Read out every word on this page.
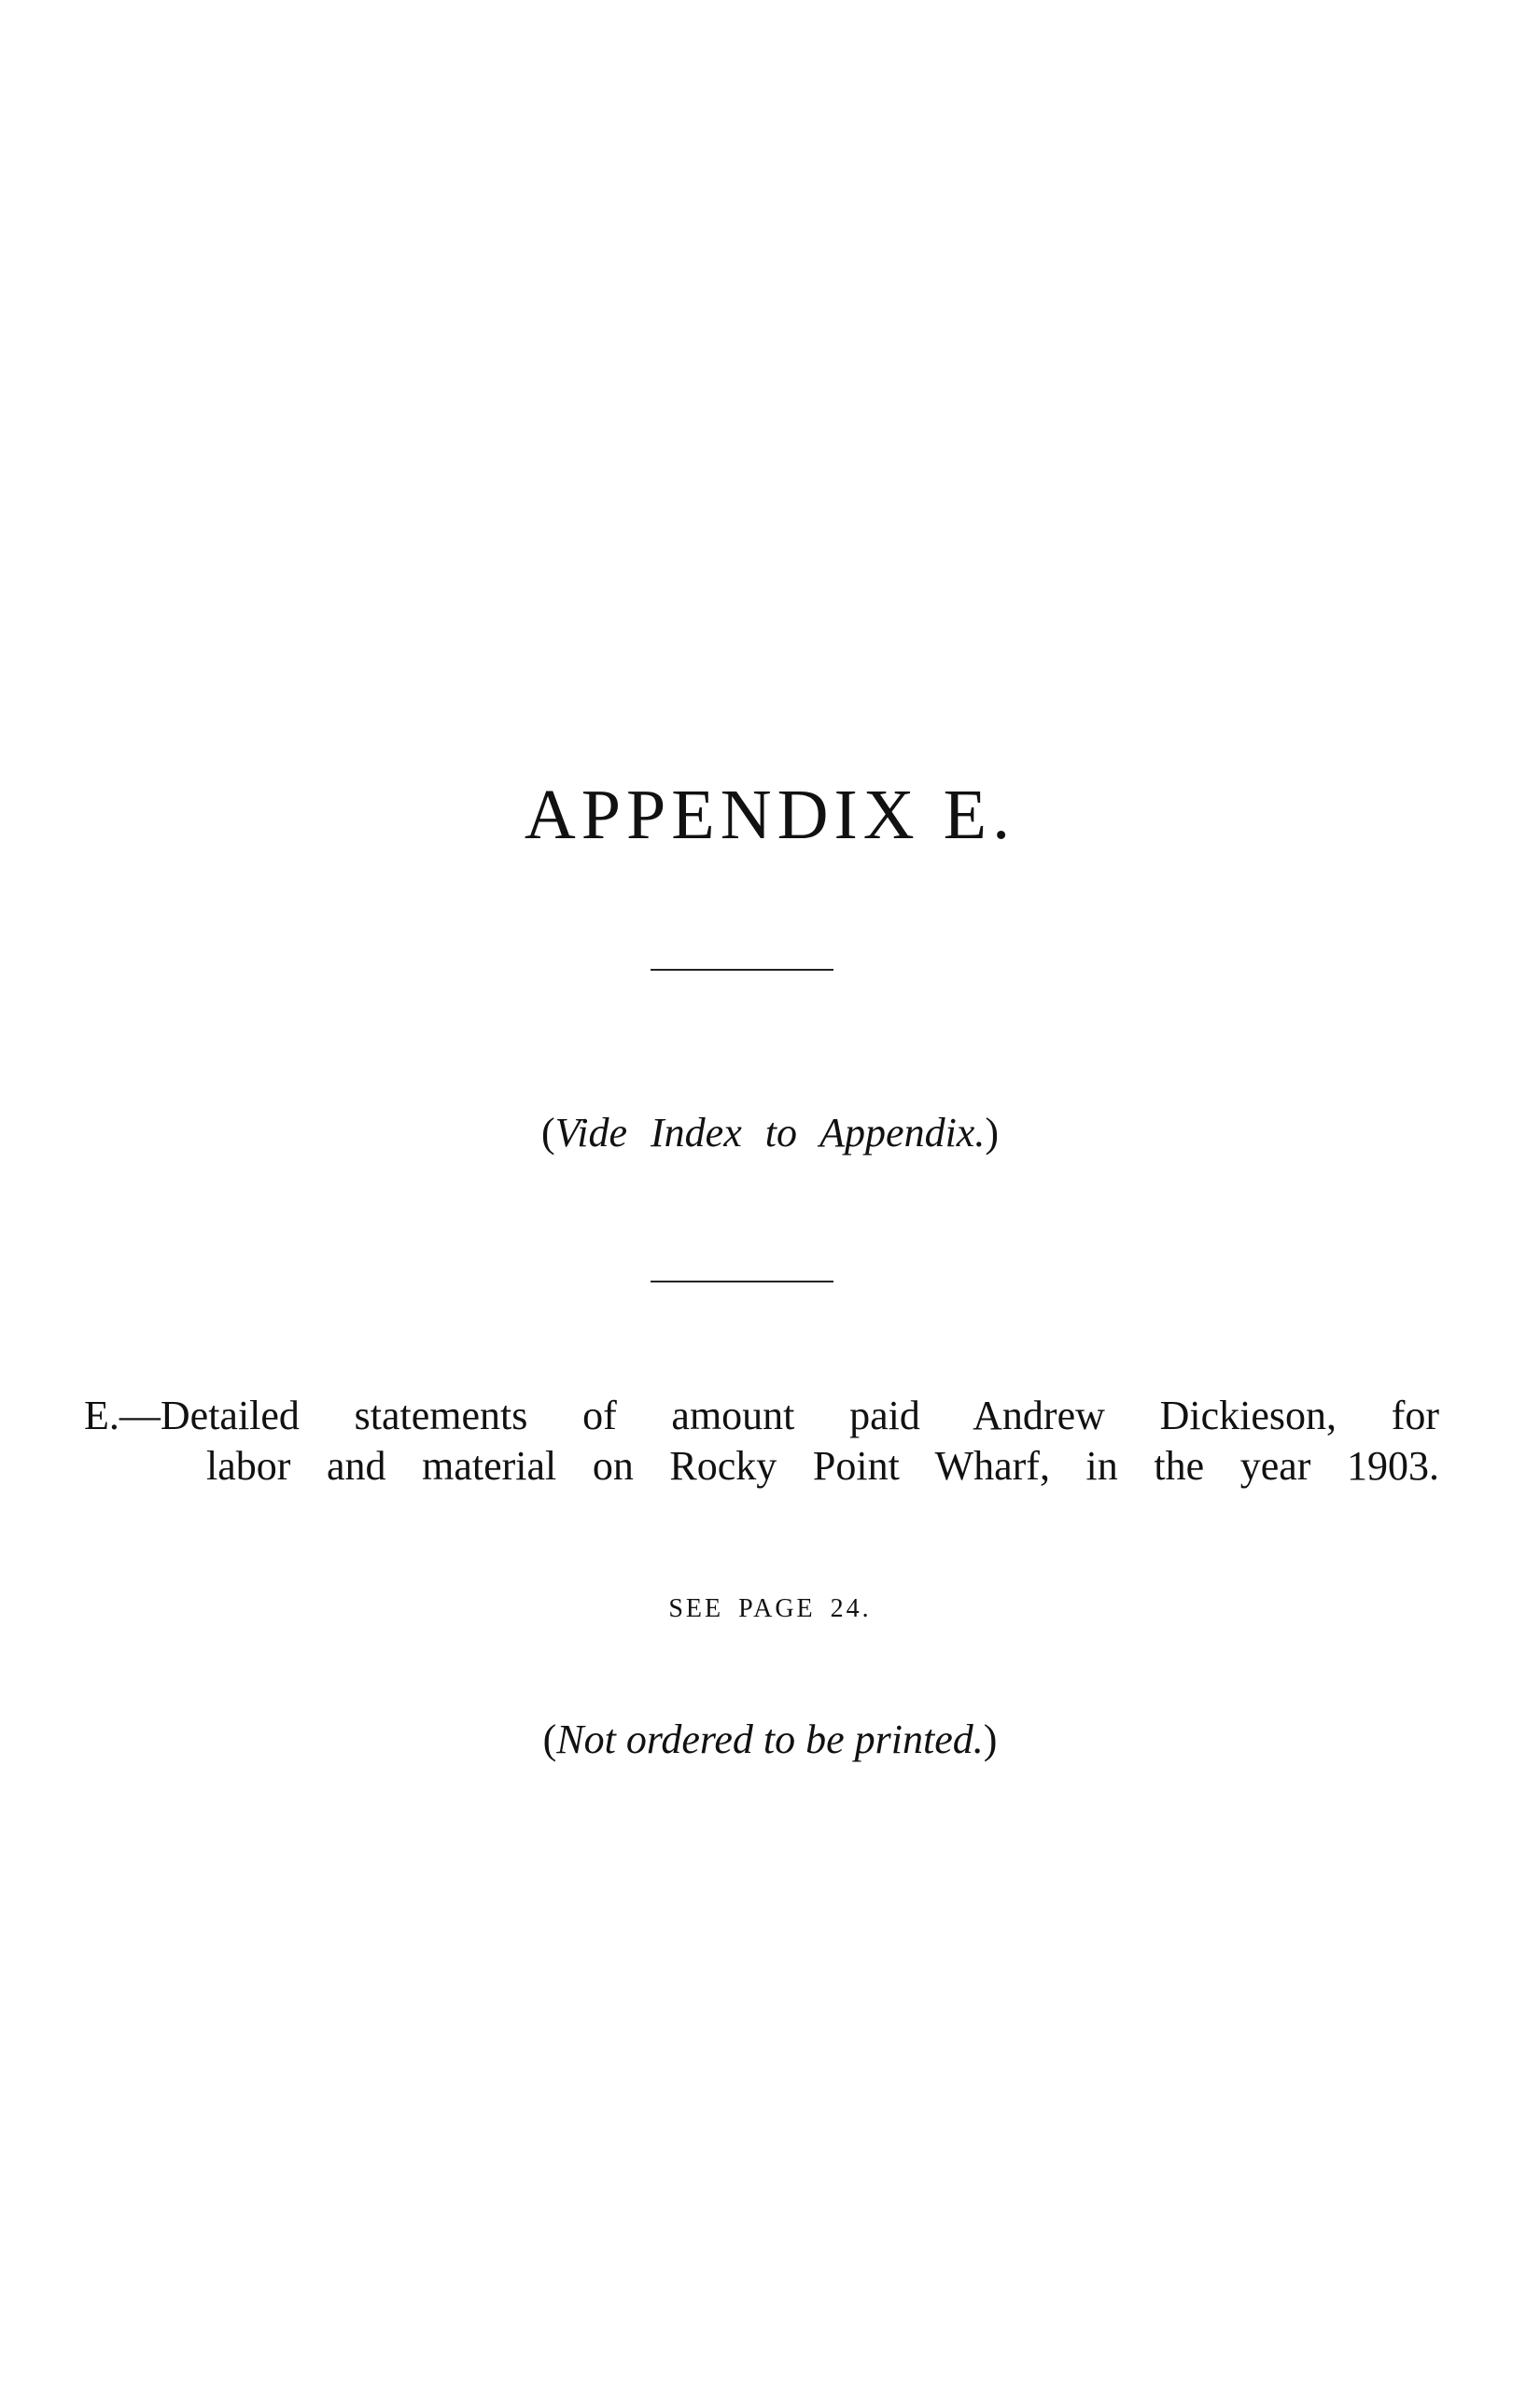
APPENDIX E.
(Vide Index to Appendix.)
E.—Detailed statements of amount paid Andrew Dickieson, for
labor and material on Rocky Point Wharf, in the year 1903.
SEE PAGE 24.
(Not ordered to be printed.)
